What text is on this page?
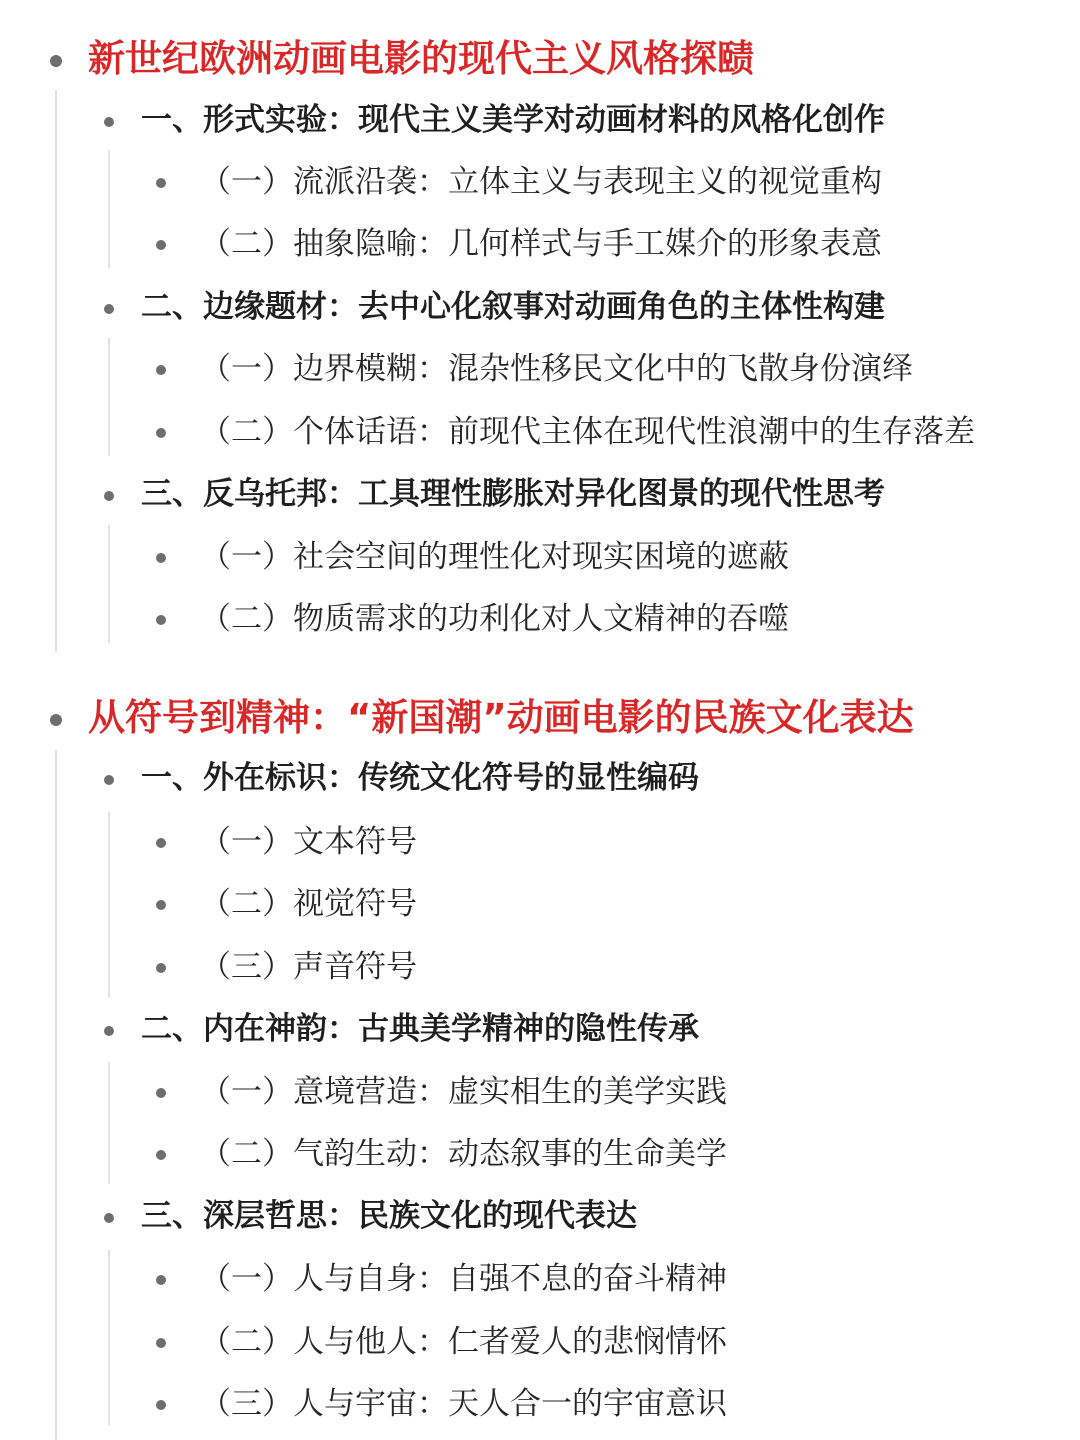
新世纪欧洲动画电影的现代主义风格探赜
一、形式实验：现代主义美学对动画材料的风格化创作
（一）流派沿袭：立体主义与表现主义的视觉重构
（二）抽象隐喻：几何样式与手工媒介的形象表意
二、边缘题材：去中心化叙事对动画角色的主体性构建
（一）边界模糊：混杂性移民文化中的飞散身份演绎
（二）个体话语：前现代主体在现代性浪潮中的生存落差
三、反乌托邦：工具理性膨胀对异化图景的现代性思考
（一）社会空间的理性化对现实困境的遮蔽
（二）物质需求的功利化对人文精神的吞噬
从符号到精神：“新国潮”动画电影的民族文化表达
一、外在标识：传统文化符号的显性编码
（一）文本符号
（二）视觉符号
（三）声音符号
二、内在神韵：古典美学精神的隐性传承
（一）意境营造：虚实相生的美学实践
（二）气韵生动：动态叙事的生命美学
三、深层哲思：民族文化的现代表达
（一）人与自身：自强不息的奋斗精神
（二）人与他人：仁者爱人的悲悯情怀
（三）人与宇宙：天人合一的宇宙意识
